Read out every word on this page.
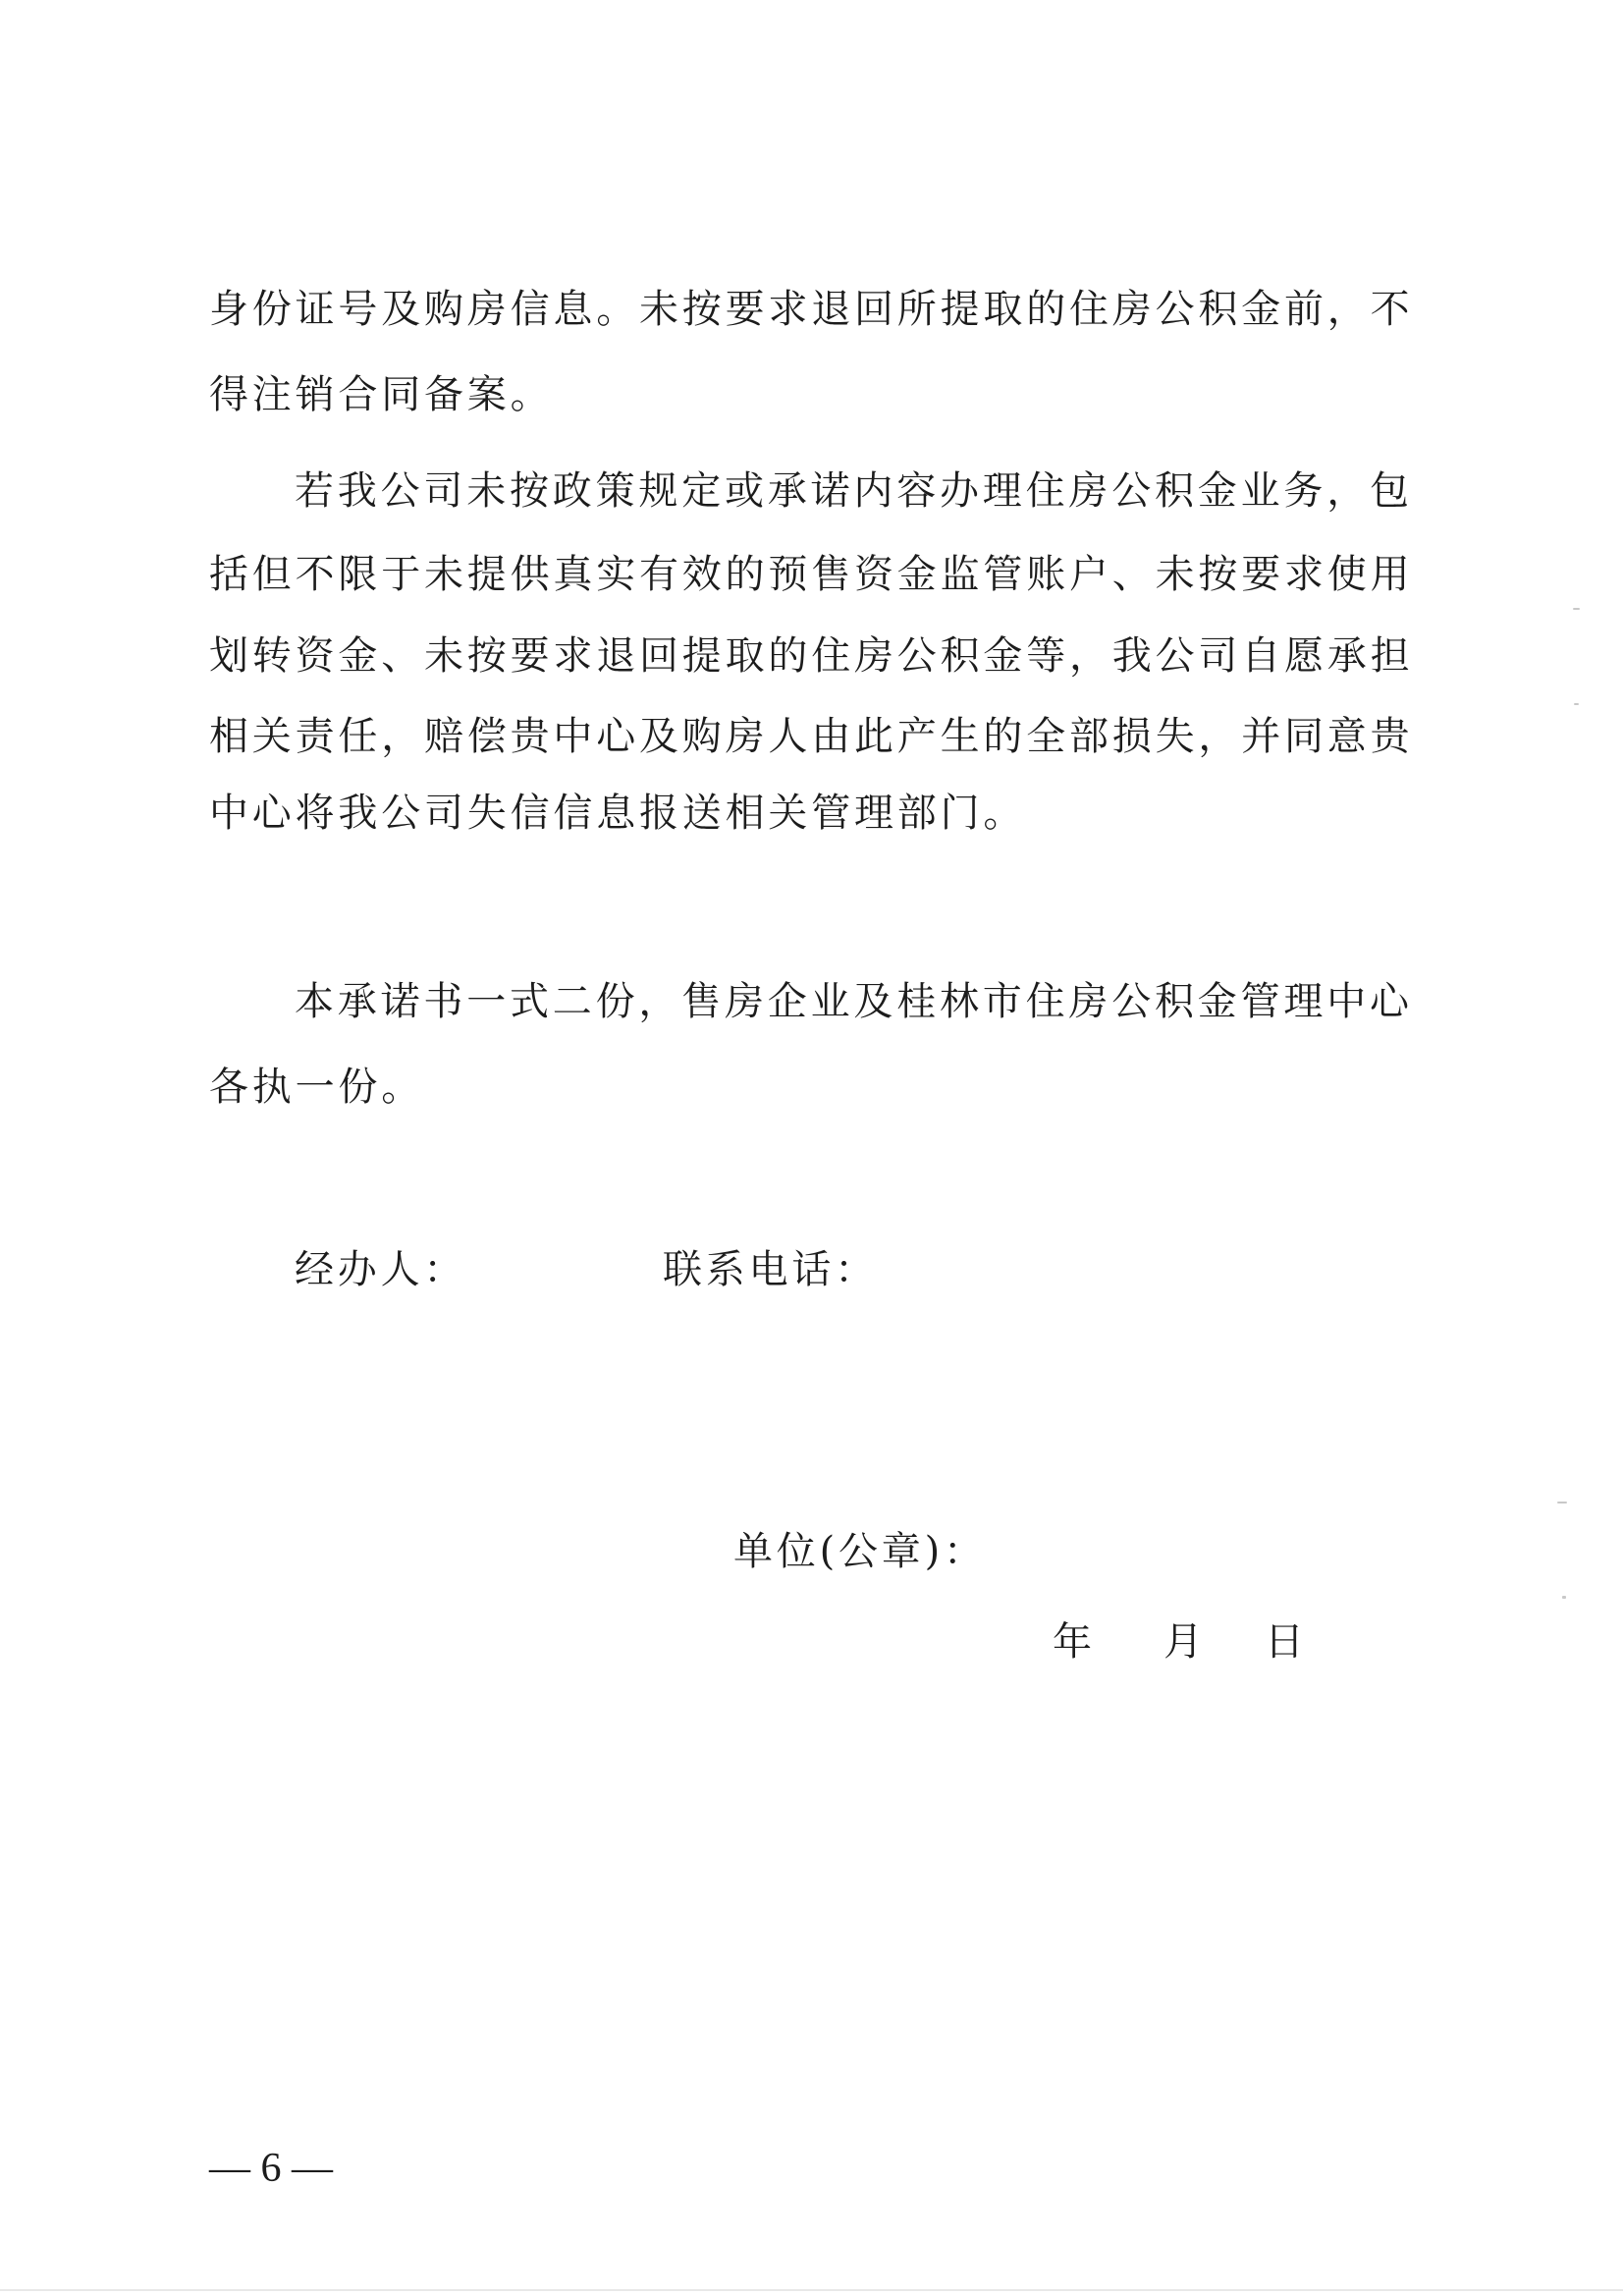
身份证号及购房信息。未按要求退回所提取的住房公积金前，不
得注销合同备案。
若我公司未按政策规定或承诺内容办理住房公积金业务，包
括但不限于未提供真实有效的预售资金监管账户、未按要求使用
划转资金、未按要求退回提取的住房公积金等，我公司自愿承担
相关责任，赔偿贵中心及购房人由此产生的全部损失，并同意贵
中心将我公司失信信息报送相关管理部门。
本承诺书一式二份，售房企业及桂林市住房公积金管理中心
各执一份。
经办人：	联系电话：
单位(公章)：
年 月 日
— 6 —
